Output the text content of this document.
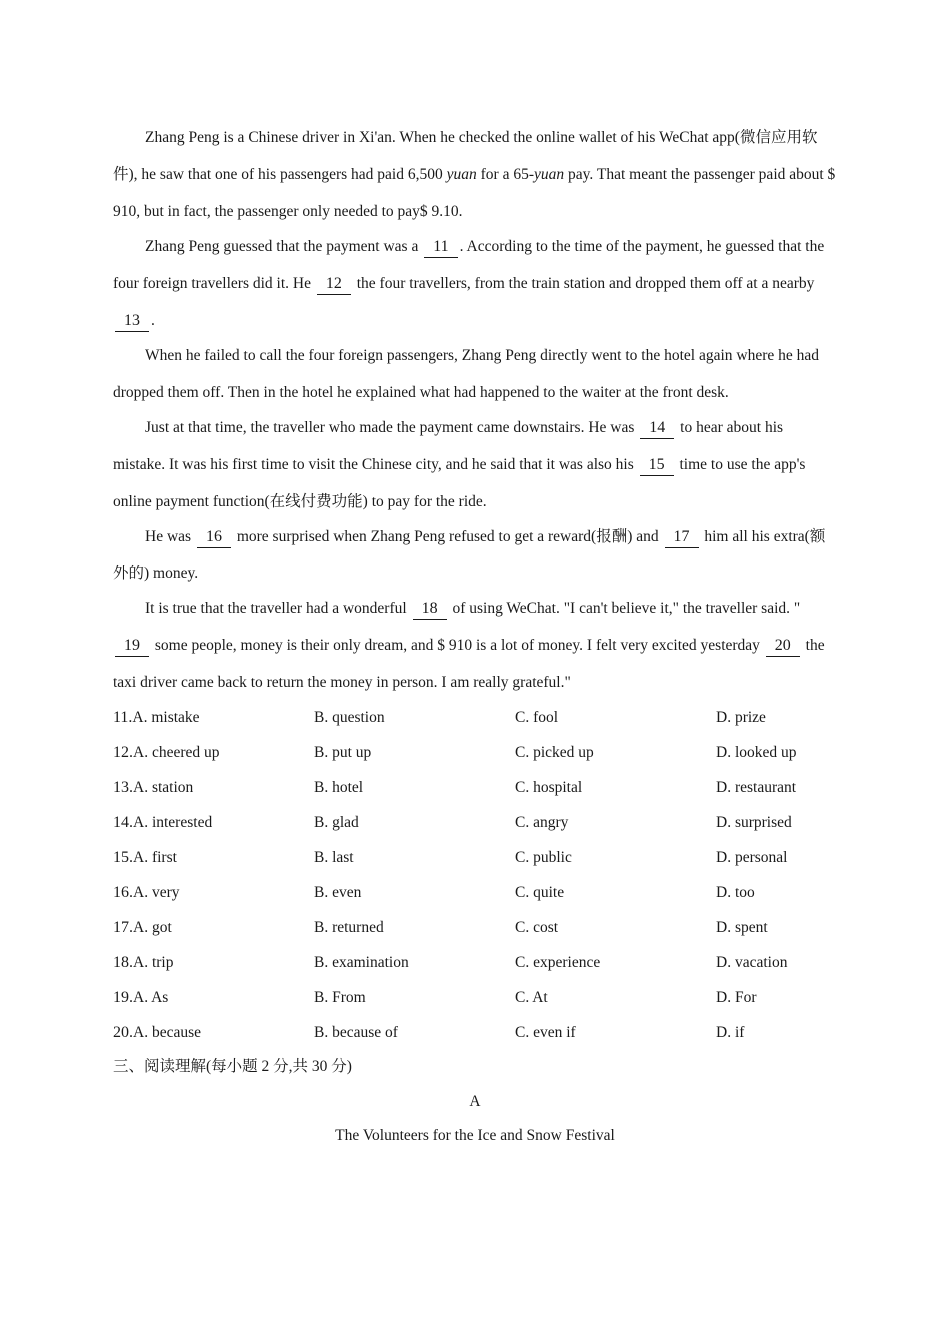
Zhang Peng is a Chinese driver in Xi'an. When he checked the online wallet of his WeChat app(微信应用软件), he saw that one of his passengers had paid 6,500 yuan for a 65-yuan pay. That meant the passenger paid about $ 910, but in fact, the passenger only needed to pay$ 9.10.

Zhang Peng guessed that the payment was a 11 . According to the time of the payment, he guessed that the four foreign travellers did it. He 12 the four travellers, from the train station and dropped them off at a nearby 13 .

When he failed to call the four foreign passengers, Zhang Peng directly went to the hotel again where he had dropped them off. Then in the hotel he explained what had happened to the waiter at the front desk.

Just at that time, the traveller who made the payment came downstairs. He was 14 to hear about his mistake. It was his first time to visit the Chinese city, and he said that it was also his 15 time to use the app's online payment function(在线付费功能) to pay for the ride.

He was 16 more surprised when Zhang Peng refused to get a reward(报酬) and 17 him all his extra(额外的) money.

It is true that the traveller had a wonderful 18 of using WeChat. "I can't believe it," the traveller said. "19 some people, money is their only dream, and $ 910 is a lot of money. I felt very excited yesterday 20 the taxi driver came back to return the money in person. I am really grateful."

11.A. mistake	B. question	C. fool	D. prize
12.A. cheered up	B. put up	C. picked up	D. looked up
13.A. station	B. hotel	C. hospital	D. restaurant
14.A. interested	B. glad	C. angry	D. surprised
15.A. first	B. last	C. public	D. personal
16.A. very	B. even	C. quite	D. too
17.A. got	B. returned	C. cost	D. spent
18.A. trip	B. examination	C. experience	D. vacation
19.A. As	B. From	C. At	D. For
20.A. because	B. because of	C. even if	D. if
三、阅读理解(每小题 2 分,共 30 分)
A
The Volunteers for the Ice and Snow Festival
